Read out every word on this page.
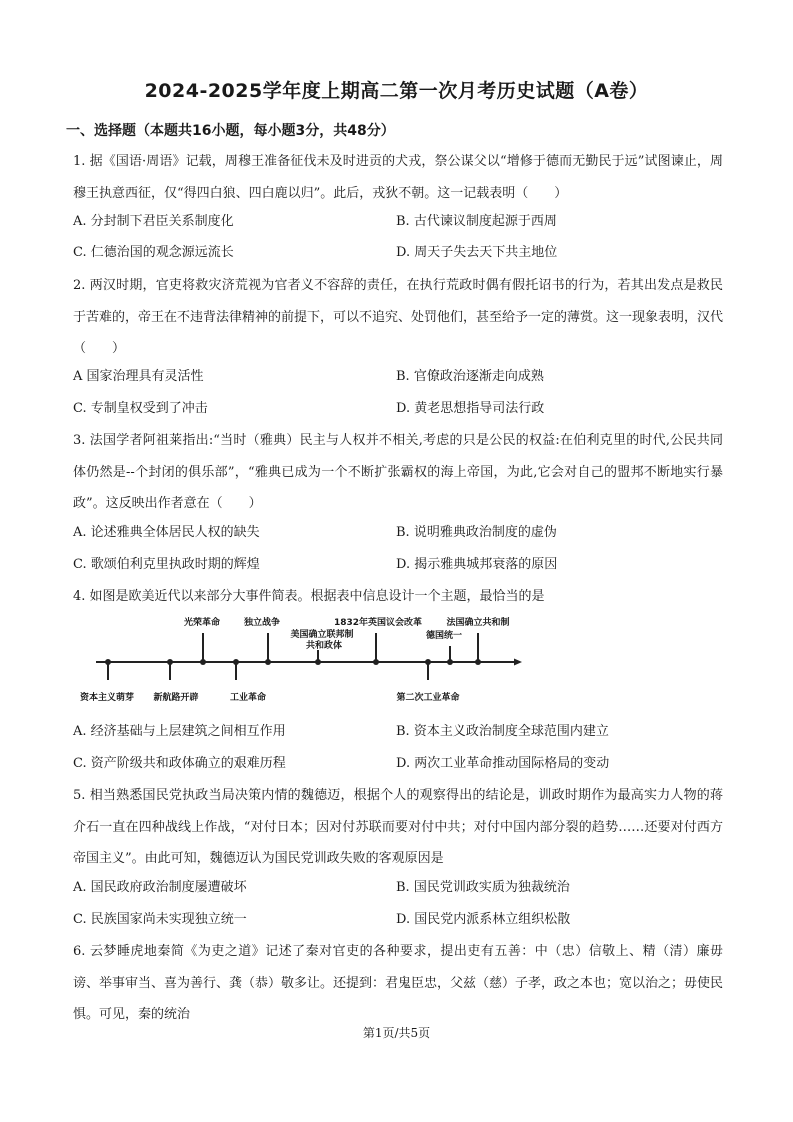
2024-2025学年度上期高二第一次月考历史试题（A卷）
一、选择题（本题共16小题，每小题3分，共48分）
1. 据《国语·周语》记载，周穆王准备征伐未及时进贡的犬戎，祭公谋父以“增修于德而无勤民于远”试图谏止，周穆王执意西征，仅“得四白狼、四白鹿以归”。此后，戎狄不朝。这一记载表明（　　）
A. 分封制下君臣关系制度化	B. 古代谏议制度起源于西周
C. 仁德治国的观念源远流长	D. 周天子失去天下共主地位
2. 两汉时期，官吏将救灾济荒视为官者义不容辞的责任，在执行荒政时偶有假托诏书的行为，若其出发点是救民于苦难的，帝王在不违背法律精神的前提下，可以不追究、处罚他们，甚至给予一定的薄赏。这一现象表明，汉代（　　）
A 国家治理具有灵活性	B. 官僚政治逐渐走向成熟
C. 专制皇权受到了冲击	D. 黄老思想指导司法行政
3. 法国学者阿祖莱指出:“当时（雅典）民主与人权并不相关,考虑的只是公民的权益:在伯利克里的时代,公民共同体仍然是--个封闭的俱乐部”，“雅典已成为一个不断扩张霸权的海上帝国，为此,它会对自己的盟邦不断地实行暴政”。这反映出作者意在（　　）
A. 论述雅典全体居民人权的缺失	B. 说明雅典政治制度的虚伪
C. 歌颂伯利克里执政时期的辉煌	D. 揭示雅典城邦衰落的原因
4. 如图是欧美近代以来部分大事件简表。根据表中信息设计一个主题，最恰当的是
光荣革命	独立战争
美国确立联邦制
共和政体
1832年英国议会改革	法国确立共和制
德国统一
资本主义萌芽 新航路开辟	工业革命	第二次工业革命
A. 经济基础与上层建筑之间相互作用	B. 资本主义政治制度全球范围内建立
C. 资产阶级共和政体确立的艰难历程	D. 两次工业革命推动国际格局的变动
5. 相当熟悉国民党执政当局决策内情的魏德迈，根据个人的观察得出的结论是，训政时期作为最高实力人物的蒋介石一直在四种战线上作战，“对付日本；因对付苏联而要对付中共；对付中国内部分裂的趋势……还要对付西方帝国主义”。由此可知，魏德迈认为国民党训政失败的客观原因是
A. 国民政府政治制度屡遭破坏	B. 国民党训政实质为独裁统治
C. 民族国家尚未实现独立统一	D. 国民党内派系林立组织松散
6. 云梦睡虎地秦简《为吏之道》记述了秦对官吏的各种要求，提出吏有五善：中（忠）信敬上、精（清）廉毋谤、举事审当、喜为善行、龚（恭）敬多让。还提到：君鬼臣忠，父兹（慈）子孝，政之本也；宽以治之；毋使民惧。可见，秦的统治
第1页/共5页
